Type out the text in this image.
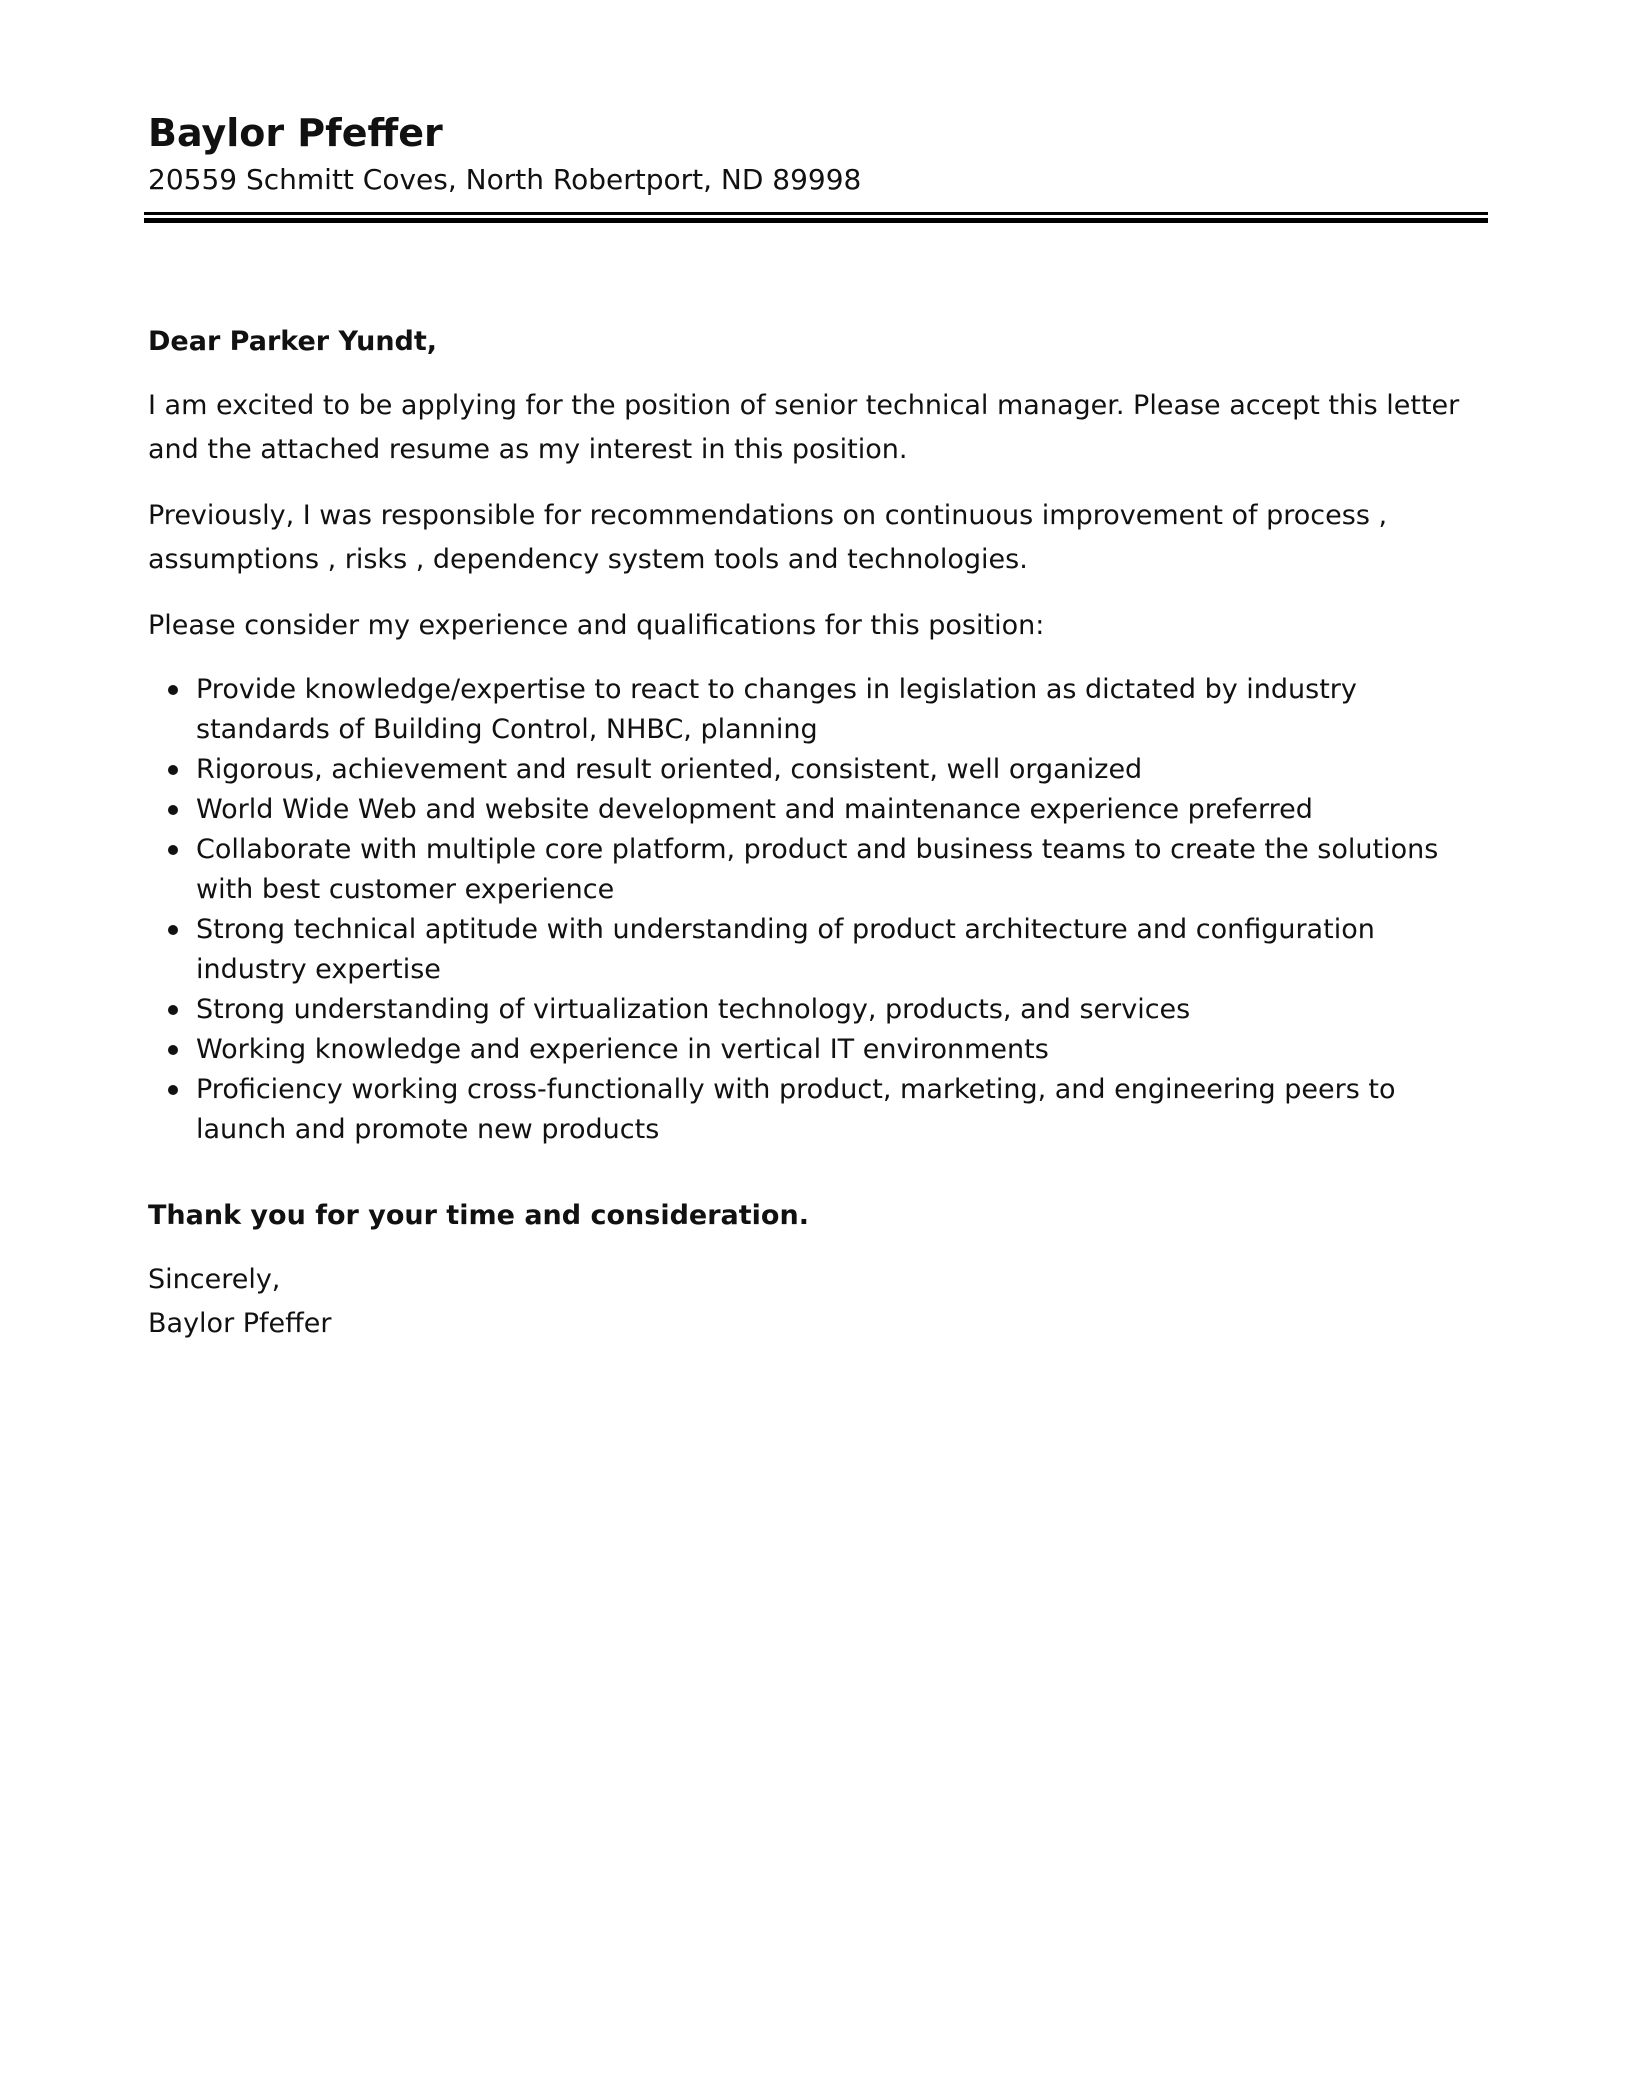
Baylor Pfeffer

20559 Schmitt Coves, North Robertport, ND 89998

Dear Parker Yundt,

I am excited to be applying for the position of senior technical manager. Please accept this letter and the attached resume as my interest in this position.

Previously, I was responsible for recommendations on continuous improvement of process , assumptions , risks , dependency system tools and technologies.

Please consider my experience and qualifications for this position:

Provide knowledge/expertise to react to changes in legislation as dictated by industry standards of Building Control, NHBC, planning
Rigorous, achievement and result oriented, consistent, well organized
World Wide Web and website development and maintenance experience preferred
Collaborate with multiple core platform, product and business teams to create the solutions with best customer experience
Strong technical aptitude with understanding of product architecture and configuration industry expertise
Strong understanding of virtualization technology, products, and services
Working knowledge and experience in vertical IT environments
Proficiency working cross-functionally with product, marketing, and engineering peers to launch and promote new products

Thank you for your time and consideration.

Sincerely,

Baylor Pfeffer
